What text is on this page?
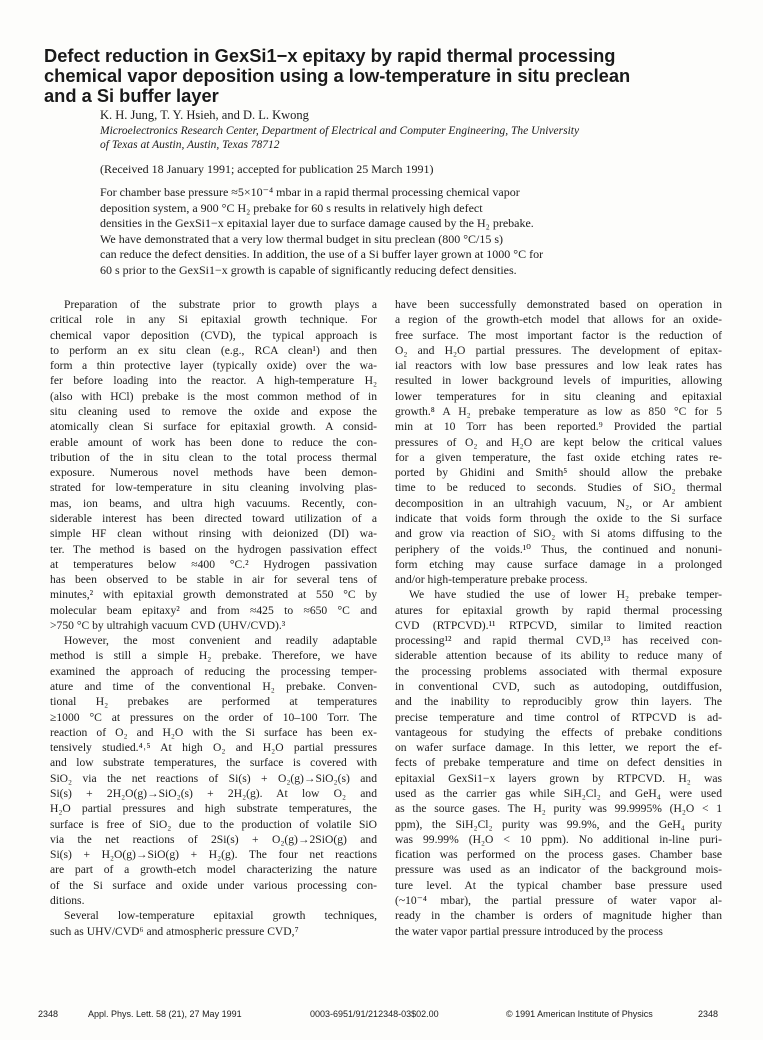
Defect reduction in GexSi1−x epitaxy by rapid thermal processing
chemical vapor deposition using a low-temperature in situ preclean
and a Si buffer layer
K. H. Jung, T. Y. Hsieh, and D. L. Kwong
Microelectronics Research Center, Department of Electrical and Computer Engineering, The University
of Texas at Austin, Austin, Texas 78712
(Received 18 January 1991; accepted for publication 25 March 1991)
For chamber base pressure ≈5×10⁻⁴ mbar in a rapid thermal processing chemical vapor
deposition system, a 900 °C H₂ prebake for 60 s results in relatively high defect
densities in the GexSi1−x epitaxial layer due to surface damage caused by the H₂ prebake.
We have demonstrated that a very low thermal budget in situ preclean (800 °C/15 s)
can reduce the defect densities. In addition, the use of a Si buffer layer grown at 1000 °C for
60 s prior to the GexSi1−x growth is capable of significantly reducing defect densities.
Preparation of the substrate prior to growth plays a
critical role in any Si epitaxial growth technique. For
chemical vapor deposition (CVD), the typical approach is
to perform an ex situ clean (e.g., RCA clean¹) and then
form a thin protective layer (typically oxide) over the wa-
fer before loading into the reactor. A high-temperature H₂
(also with HCl) prebake is the most common method of in
situ cleaning used to remove the oxide and expose the
atomically clean Si surface for epitaxial growth. A consid-
erable amount of work has been done to reduce the con-
tribution of the in situ clean to the total process thermal
exposure. Numerous novel methods have been demon-
strated for low-temperature in situ cleaning involving plas-
mas, ion beams, and ultra high vacuums. Recently, con-
siderable interest has been directed toward utilization of a
simple HF clean without rinsing with deionized (DI) wa-
ter. The method is based on the hydrogen passivation effect
at temperatures below ≈400 °C.² Hydrogen passivation
has been observed to be stable in air for several tens of
minutes,² with epitaxial growth demonstrated at 550 °C by
molecular beam epitaxy² and from ≈425 to ≈650 °C and
>750 °C by ultrahigh vacuum CVD (UHV/CVD).³
However, the most convenient and readily adaptable
method is still a simple H₂ prebake. Therefore, we have
examined the approach of reducing the processing temper-
ature and time of the conventional H₂ prebake. Conven-
tional H₂ prebakes are performed at temperatures
≥1000 °C at pressures on the order of 10–100 Torr. The
reaction of O₂ and H₂O with the Si surface has been ex-
tensively studied.⁴˒⁵ At high O₂ and H₂O partial pressures
and low substrate temperatures, the surface is covered with
SiO₂ via the net reactions of Si(s) + O₂(g)→SiO₂(s) and
Si(s) + 2H₂O(g)→SiO₂(s) + 2H₂(g). At low O₂ and
H₂O partial pressures and high substrate temperatures, the
surface is free of SiO₂ due to the production of volatile SiO
via the net reactions of 2Si(s) + O₂(g)→2SiO(g) and
Si(s) + H₂O(g)→SiO(g) + H₂(g). The four net reactions
are part of a growth-etch model characterizing the nature
of the Si surface and oxide under various processing con-
ditions.
Several low-temperature epitaxial growth techniques,
such as UHV/CVD⁶ and atmospheric pressure CVD,⁷
have been successfully demonstrated based on operation in
a region of the growth-etch model that allows for an oxide-
free surface. The most important factor is the reduction of
O₂ and H₂O partial pressures. The development of epitax-
ial reactors with low base pressures and low leak rates has
resulted in lower background levels of impurities, allowing
lower temperatures for in situ cleaning and epitaxial
growth.⁸ A H₂ prebake temperature as low as 850 °C for 5
min at 10 Torr has been reported.⁹ Provided the partial
pressures of O₂ and H₂O are kept below the critical values
for a given temperature, the fast oxide etching rates re-
ported by Ghidini and Smith⁵ should allow the prebake
time to be reduced to seconds. Studies of SiO₂ thermal
decomposition in an ultrahigh vacuum, N₂, or Ar ambient
indicate that voids form through the oxide to the Si surface
and grow via reaction of SiO₂ with Si atoms diffusing to the
periphery of the voids.¹⁰ Thus, the continued and nonuni-
form etching may cause surface damage in a prolonged
and/or high-temperature prebake process.
We have studied the use of lower H₂ prebake temper-
atures for epitaxial growth by rapid thermal processing
CVD (RTPCVD).¹¹ RTPCVD, similar to limited reaction
processing¹² and rapid thermal CVD,¹³ has received con-
siderable attention because of its ability to reduce many of
the processing problems associated with thermal exposure
in conventional CVD, such as autodoping, outdiffusion,
and the inability to reproducibly grow thin layers. The
precise temperature and time control of RTPCVD is ad-
vantageous for studying the effects of prebake conditions
on wafer surface damage. In this letter, we report the ef-
fects of prebake temperature and time on defect densities in
epitaxial GexSi1−x layers grown by RTPCVD. H₂ was
used as the carrier gas while SiH₂Cl₂ and GeH₄ were used
as the source gases. The H₂ purity was 99.9995% (H₂O < 1
ppm), the SiH₂Cl₂ purity was 99.9%, and the GeH₄ purity
was 99.99% (H₂O < 10 ppm). No additional in-line puri-
fication was performed on the process gases. Chamber base
pressure was used as an indicator of the background mois-
ture level. At the typical chamber base pressure used
(~10⁻⁴ mbar), the partial pressure of water vapor al-
ready in the chamber is orders of magnitude higher than
the water vapor partial pressure introduced by the process
2348	Appl. Phys. Lett. 58 (21), 27 May 1991	0003-6951/91/212348-03$02.00	© 1991 American Institute of Physics	2348
